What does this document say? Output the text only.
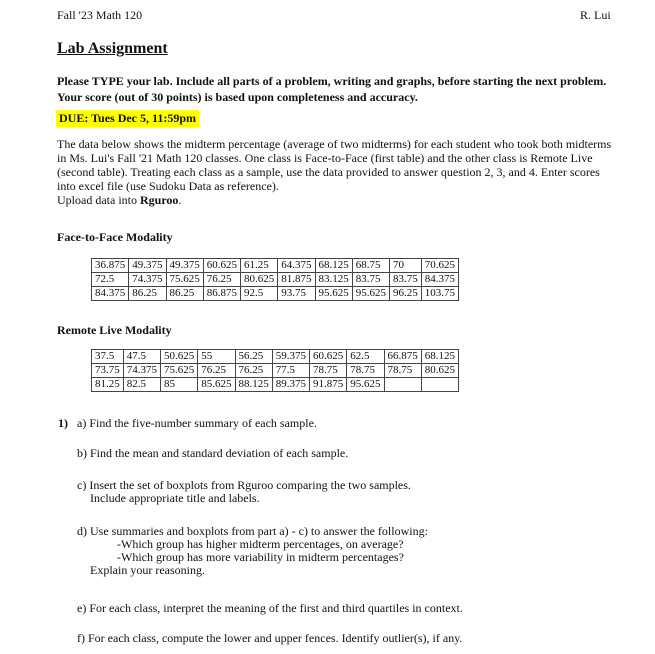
Fall '23 Math 120	R. Lui
Lab Assignment
Please TYPE your lab. Include all parts of a problem, writing and graphs, before starting the next problem. Your score (out of 30 points) is based upon completeness and accuracy.
DUE: Tues Dec 5, 11:59pm

The data below shows the midterm percentage (average of two midterms) for each student who took both midterms in Ms. Lui's Fall '21 Math 120 classes. One class is Face-to-Face (first table) and the other class is Remote Live (second table). Treating each class as a sample, use the data provided to answer question 2, 3, and 4. Enter scores into excel file (use Sudoku Data as reference).

Upload data into Rguroo.

Face-to-Face Modality
36.875	49.375	49.375	60.625	61.25	64.375	68.125	68.75	70	70.625
72.5	74.375	75.625	76.25	80.625	81.875	83.125	83.75	83.75	84.375
84.375	86.25	86.25	86.875	92.5	93.75	95.625	95.625	96.25	103.75
Remote Live Modality
37.5	47.5	50.625	55	56.25	59.375	60.625	62.5	66.875	68.125
73.75	74.375	75.625	76.25	76.25	77.5	78.75	78.75	78.75	80.625
81.25	82.5	85	85.625	88.125	89.375	91.875	95.625		
1) a) Find the five-number summary of each sample.
b) Find the mean and standard deviation of each sample.
c) Insert the set of boxplots from Rguroo comparing the two samples.
Include appropriate title and labels.
d) Use summaries and boxplots from part a) - c) to answer the following:
-Which group has higher midterm percentages, on average?
-Which group has more variability in midterm percentages?
Explain your reasoning.
e) For each class, interpret the meaning of the first and third quartiles in context.
f) For each class, compute the lower and upper fences. Identify outlier(s), if any.
